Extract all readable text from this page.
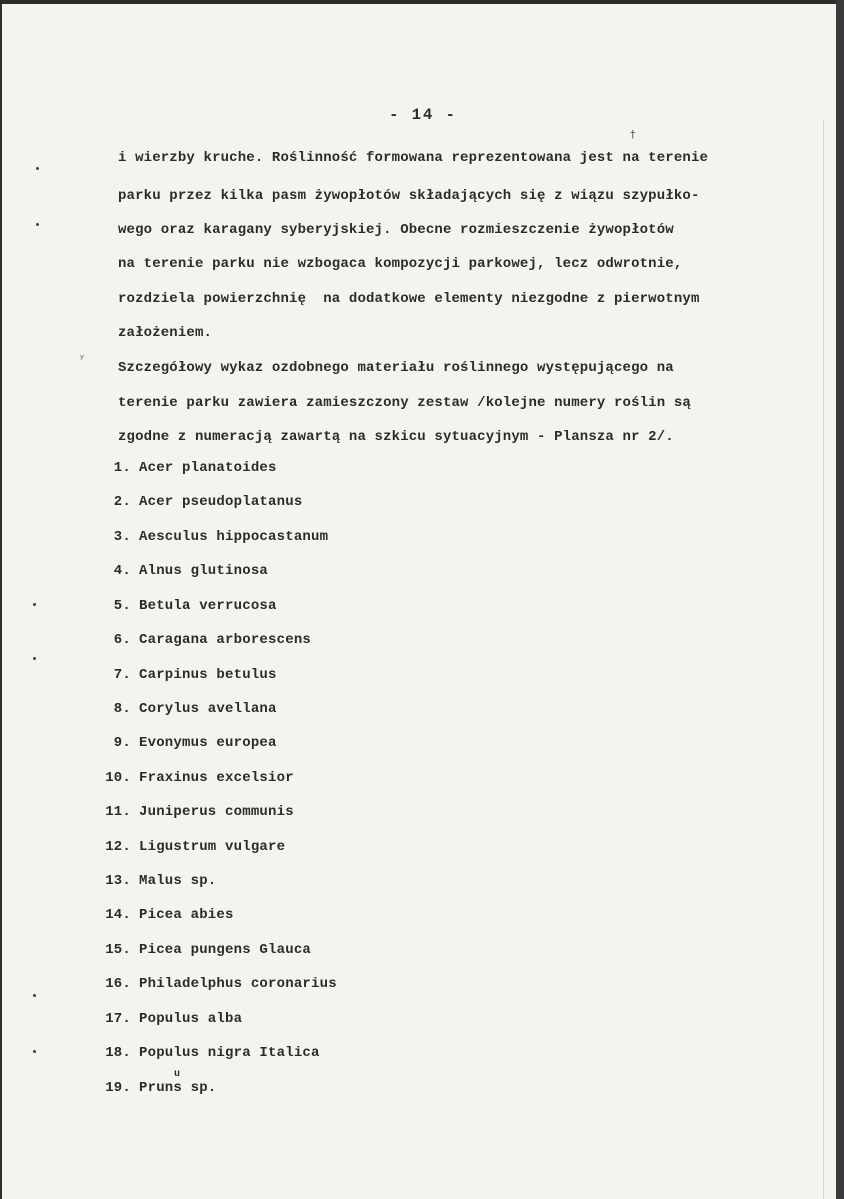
- 14 -
i wierzby kruche. Roślinność formowana reprezentowana jest na terenie
parku przez kilka pasm żywopłotów składających się z wiązu szypułko-
wego oraz karagany syberyjskiej. Obecne rozmieszczenie żywopłotów
na terenie parku nie wzbogaca kompozycji parkowej, lecz odwrotnie,
rozdziela powierzchnię  na dodatkowe elementy niezgodne z pierwotnym
założeniem.
Szczegółowy wykaz ozdobnego materiału roślinnego występującego na
terenie parku zawiera zamieszczony zestaw /kolejne numery roślin są
zgodne z numeracją zawartą na szkicu sytuacyjnym - Plansza nr 2/.
1. Acer planatoides
2. Acer pseudoplatanus
3. Aesculus hippocastanum
4. Alnus glutinosa
5. Betula verrucosa
6. Caragana arborescens
7. Carpinus betulus
8. Corylus avellana
9. Evonymus europea
10. Fraxinus excelsior
11. Juniperus communis
12. Ligustrum vulgare
13. Malus sp.
14. Picea abies
15. Picea pungens Glauca
16. Philadelphus coronarius
17. Populus alba
18. Populus nigra Italica
19. Pruns sp.
u
ʸ
†
